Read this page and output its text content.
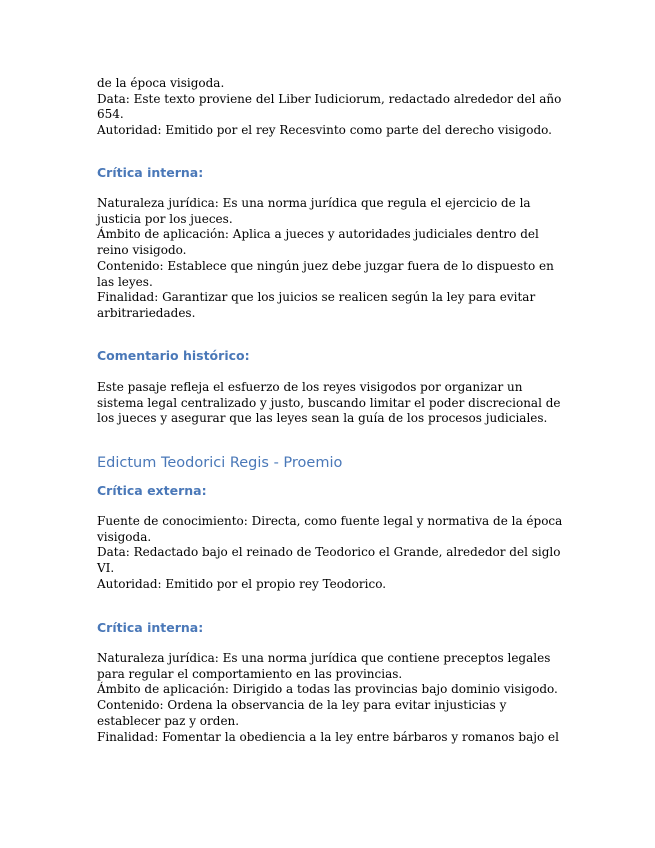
de la época visigoda.
Data: Este texto proviene del Liber Iudiciorum, redactado alrededor del año
654.
Autoridad: Emitido por el rey Recesvinto como parte del derecho visigodo.
Crítica interna:
Naturaleza jurídica: Es una norma jurídica que regula el ejercicio de la
justicia por los jueces.
Ámbito de aplicación: Aplica a jueces y autoridades judiciales dentro del
reino visigodo.
Contenido: Establece que ningún juez debe juzgar fuera de lo dispuesto en
las leyes.
Finalidad: Garantizar que los juicios se realicen según la ley para evitar
arbitrariedades.
Comentario histórico:
Este pasaje refleja el esfuerzo de los reyes visigodos por organizar un
sistema legal centralizado y justo, buscando limitar el poder discrecional de
los jueces y asegurar que las leyes sean la guía de los procesos judiciales.
Edictum Teodorici Regis - Proemio
Crítica externa:
Fuente de conocimiento: Directa, como fuente legal y normativa de la época
visigoda.
Data: Redactado bajo el reinado de Teodorico el Grande, alrededor del siglo
VI.
Autoridad: Emitido por el propio rey Teodorico.
Crítica interna:
Naturaleza jurídica: Es una norma jurídica que contiene preceptos legales
para regular el comportamiento en las provincias.
Ámbito de aplicación: Dirigido a todas las provincias bajo dominio visigodo.
Contenido: Ordena la observancia de la ley para evitar injusticias y
establecer paz y orden.
Finalidad: Fomentar la obediencia a la ley entre bárbaros y romanos bajo el
